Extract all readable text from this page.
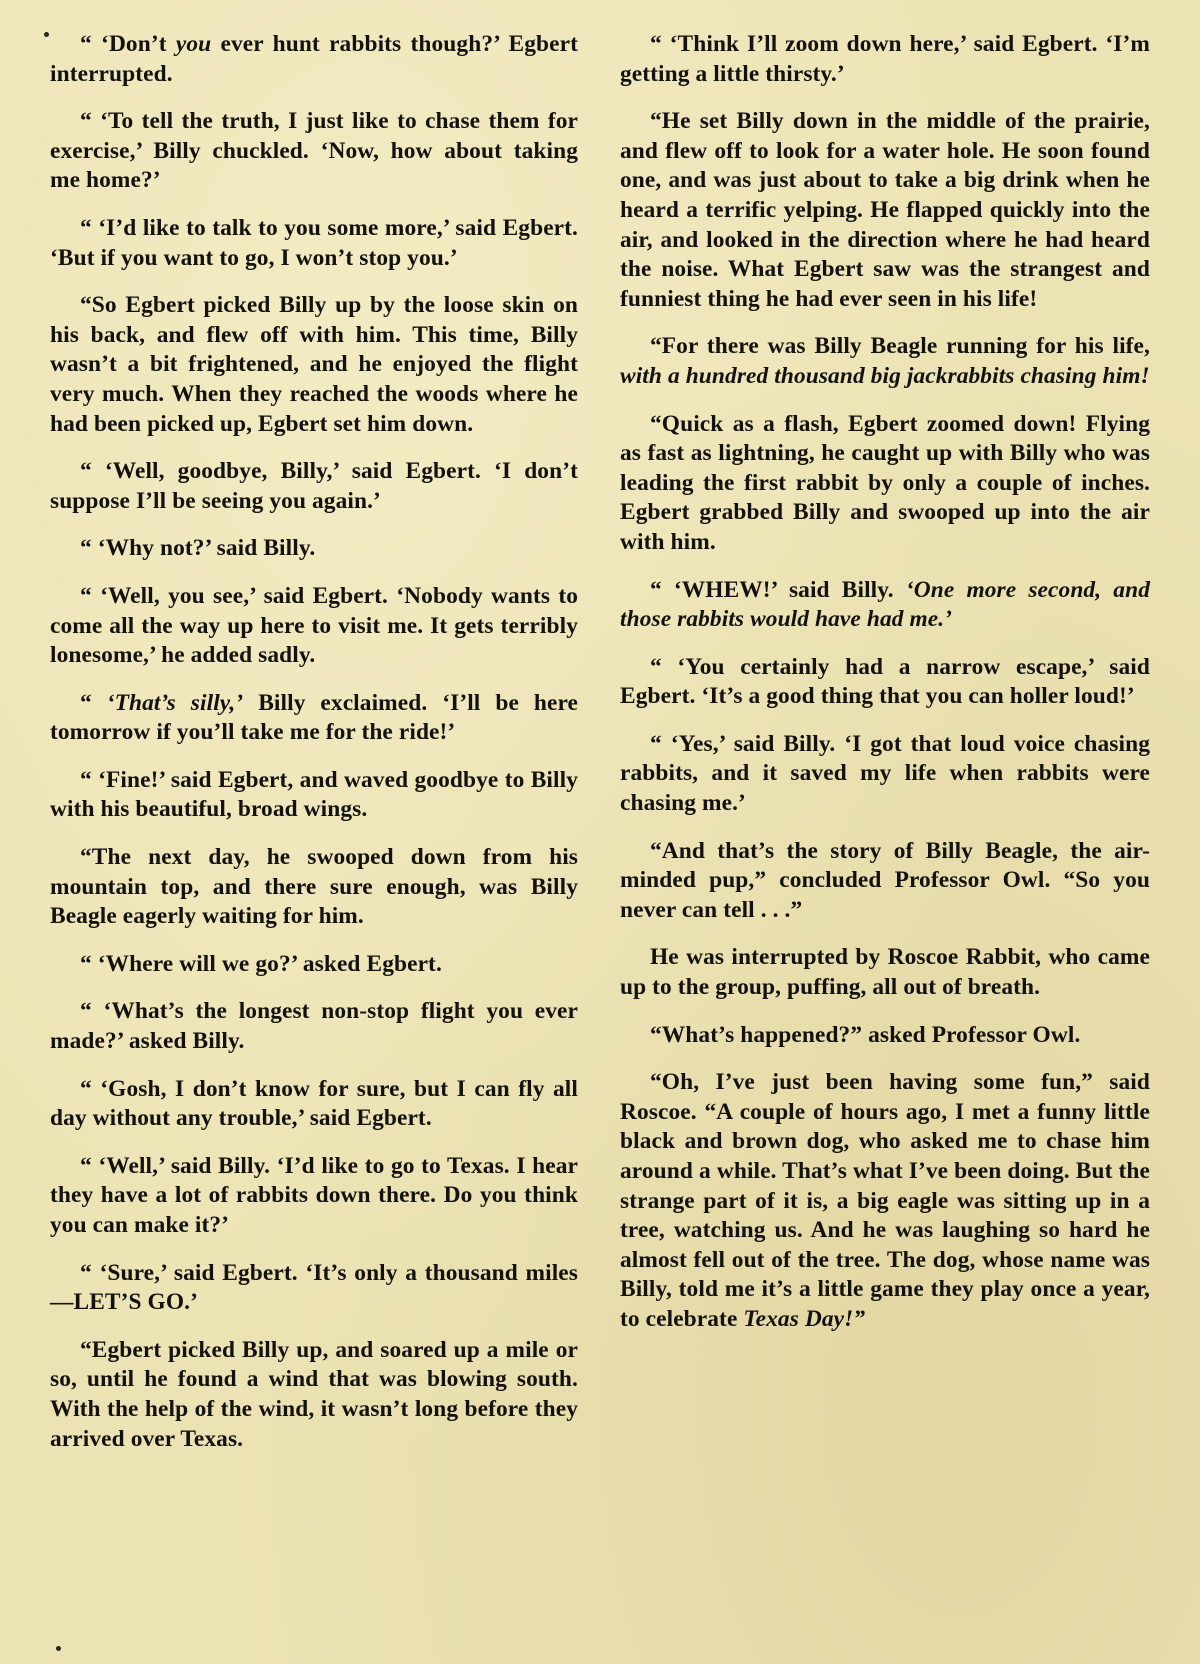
“ ‘Don’t you ever hunt rabbits though?’ Egbert interrupted.

“ ‘To tell the truth, I just like to chase them for exercise,’ Billy chuckled. ‘Now, how about taking me home?’

“ ‘I’d like to talk to you some more,’ said Egbert. ‘But if you want to go, I won’t stop you.’

“So Egbert picked Billy up by the loose skin on his back, and flew off with him. This time, Billy wasn’t a bit frightened, and he enjoyed the flight very much. When they reached the woods where he had been picked up, Egbert set him down.

“ ‘Well, goodbye, Billy,’ said Egbert. ‘I don’t suppose I’ll be seeing you again.’

“ ‘Why not?’ said Billy.

“ ‘Well, you see,’ said Egbert. ‘Nobody wants to come all the way up here to visit me. It gets terribly lonesome,’ he added sadly.

“ ‘That’s silly,’ Billy exclaimed. ‘I’ll be here tomorrow if you’ll take me for the ride!’

“ ‘Fine!’ said Egbert, and waved goodbye to Billy with his beautiful, broad wings.

“The next day, he swooped down from his mountain top, and there sure enough, was Billy Beagle eagerly waiting for him.

“ ‘Where will we go?’ asked Egbert.

“ ‘What’s the longest non-stop flight you ever made?’ asked Billy.

“ ‘Gosh, I don’t know for sure, but I can fly all day without any trouble,’ said Egbert.

“ ‘Well,’ said Billy. ‘I’d like to go to Texas. I hear they have a lot of rabbits down there. Do you think you can make it?’

“ ‘Sure,’ said Egbert. ‘It’s only a thousand miles—LET’S GO.’

“Egbert picked Billy up, and soared up a mile or so, until he found a wind that was blowing south. With the help of the wind, it wasn’t long before they arrived over Texas.

“ ‘Think I’ll zoom down here,’ said Egbert. ‘I’m getting a little thirsty.’

“He set Billy down in the middle of the prairie, and flew off to look for a water hole. He soon found one, and was just about to take a big drink when he heard a terrific yelping. He flapped quickly into the air, and looked in the direction where he had heard the noise. What Egbert saw was the strangest and funniest thing he had ever seen in his life!

“For there was Billy Beagle running for his life, with a hundred thousand big jackrabbits chasing him!

“Quick as a flash, Egbert zoomed down! Flying as fast as lightning, he caught up with Billy who was leading the first rabbit by only a couple of inches. Egbert grabbed Billy and swooped up into the air with him.

“ ‘WHEW!’ said Billy. ‘One more second, and those rabbits would have had me.’

“ ‘You certainly had a narrow escape,’ said Egbert. ‘It’s a good thing that you can holler loud!’

“ ‘Yes,’ said Billy. ‘I got that loud voice chasing rabbits, and it saved my life when rabbits were chasing me.’

“And that’s the story of Billy Beagle, the air-minded pup,” concluded Professor Owl. “So you never can tell . . .”

He was interrupted by Roscoe Rabbit, who came up to the group, puffing, all out of breath.

“What’s happened?” asked Professor Owl.

“Oh, I’ve just been having some fun,” said Roscoe. “A couple of hours ago, I met a funny little black and brown dog, who asked me to chase him around a while. That’s what I’ve been doing. But the strange part of it is, a big eagle was sitting up in a tree, watching us. And he was laughing so hard he almost fell out of the tree. The dog, whose name was Billy, told me it’s a little game they play once a year, to celebrate Texas Day!”
